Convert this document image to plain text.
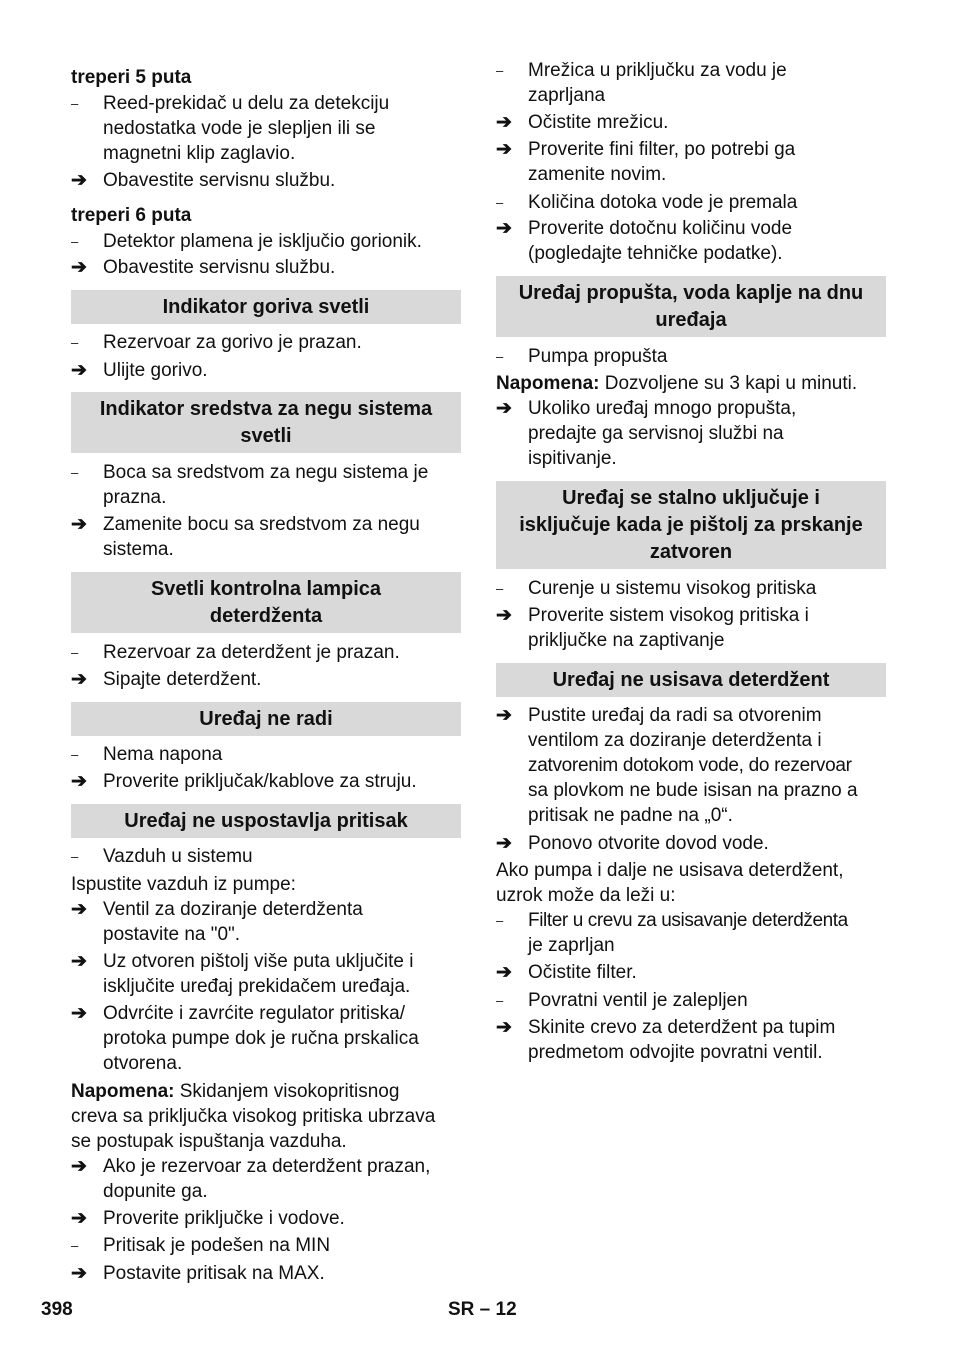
treperi 5 puta
–	Reed-prekidač u delu za detekciju
nedostatka vode je slepljen ili se
magnetni klip zaglavio.
➔ Obavestite servisnu službu.
treperi 6 puta
–	Detektor plamena je isključio gorionik.
➔ Obavestite servisnu službu.
Indikator goriva svetli
–	Rezervoar za gorivo je prazan.
➔ Ulijte gorivo.
Indikator sredstva za negu sistema
svetli
–	Boca sa sredstvom za negu sistema je
prazna.
➔ Zamenite bocu sa sredstvom za negu
sistema.
Svetli kontrolna lampica
deterdženta
–	Rezervoar za deterdžent je prazan.
➔ Sipajte deterdžent.
Uređaj ne radi
–	Nema napona
➔ Proverite priključak/kablove za struju.
Uređaj ne uspostavlja pritisak
–	Vazduh u sistemu
Ispustite vazduh iz pumpe:
➔ Ventil za doziranje deterdženta
postavite na "0".
➔ Uz otvoren pištolj više puta uključite i
isključite uređaj prekidačem uređaja.
➔ Odvrćite i zavrćite regulator pritiska/
protoka pumpe dok je ručna prskalica
otvorena.
Napomena: Skidanjem visokopritisnog
creva sa priključka visokog pritiska ubrzava
se postupak ispuštanja vazduha.
➔ Ako je rezervoar za deterdžent prazan,
dopunite ga.
➔ Proverite priključke i vodove.
–	Pritisak je podešen na MIN
➔ Postavite pritisak na MAX.
–	Mrežica u priključku za vodu je
zaprljana
➔ Očistite mrežicu.
➔ Proverite fini filter, po potrebi ga
zamenite novim.
–	Količina dotoka vode je premala
➔ Proverite dotočnu količinu vode
(pogledajte tehničke podatke).
Uređaj propušta, voda kaplje na dnu
uređaja
–	Pumpa propušta
Napomena: Dozvoljene su 3 kapi u minuti.
➔ Ukoliko uređaj mnogo propušta,
predajte ga servisnoj službi na
ispitivanje.
Uređaj se stalno uključuje i
isključuje kada je pištolj za prskanje
zatvoren
–	Curenje u sistemu visokog pritiska
➔ Proverite sistem visokog pritiska i
priključke na zaptivanje
Uređaj ne usisava deterdžent
➔ Pustite uređaj da radi sa otvorenim
ventilom za doziranje deterdženta i
zatvorenim dotokom vode, do rezervoar
sa plovkom ne bude isisan na prazno a
pritisak ne padne na „0“.
➔ Ponovo otvorite dovod vode.
Ako pumpa i dalje ne usisava deterdžent,
uzrok može da leži u:
–	Filter u crevu za usisavanje deterdženta
je zaprljan
➔ Očistite filter.
–	Povratni ventil je zalepljen
➔ Skinite crevo za deterdžent pa tupim
predmetom odvojite povratni ventil.
398	SR – 12
